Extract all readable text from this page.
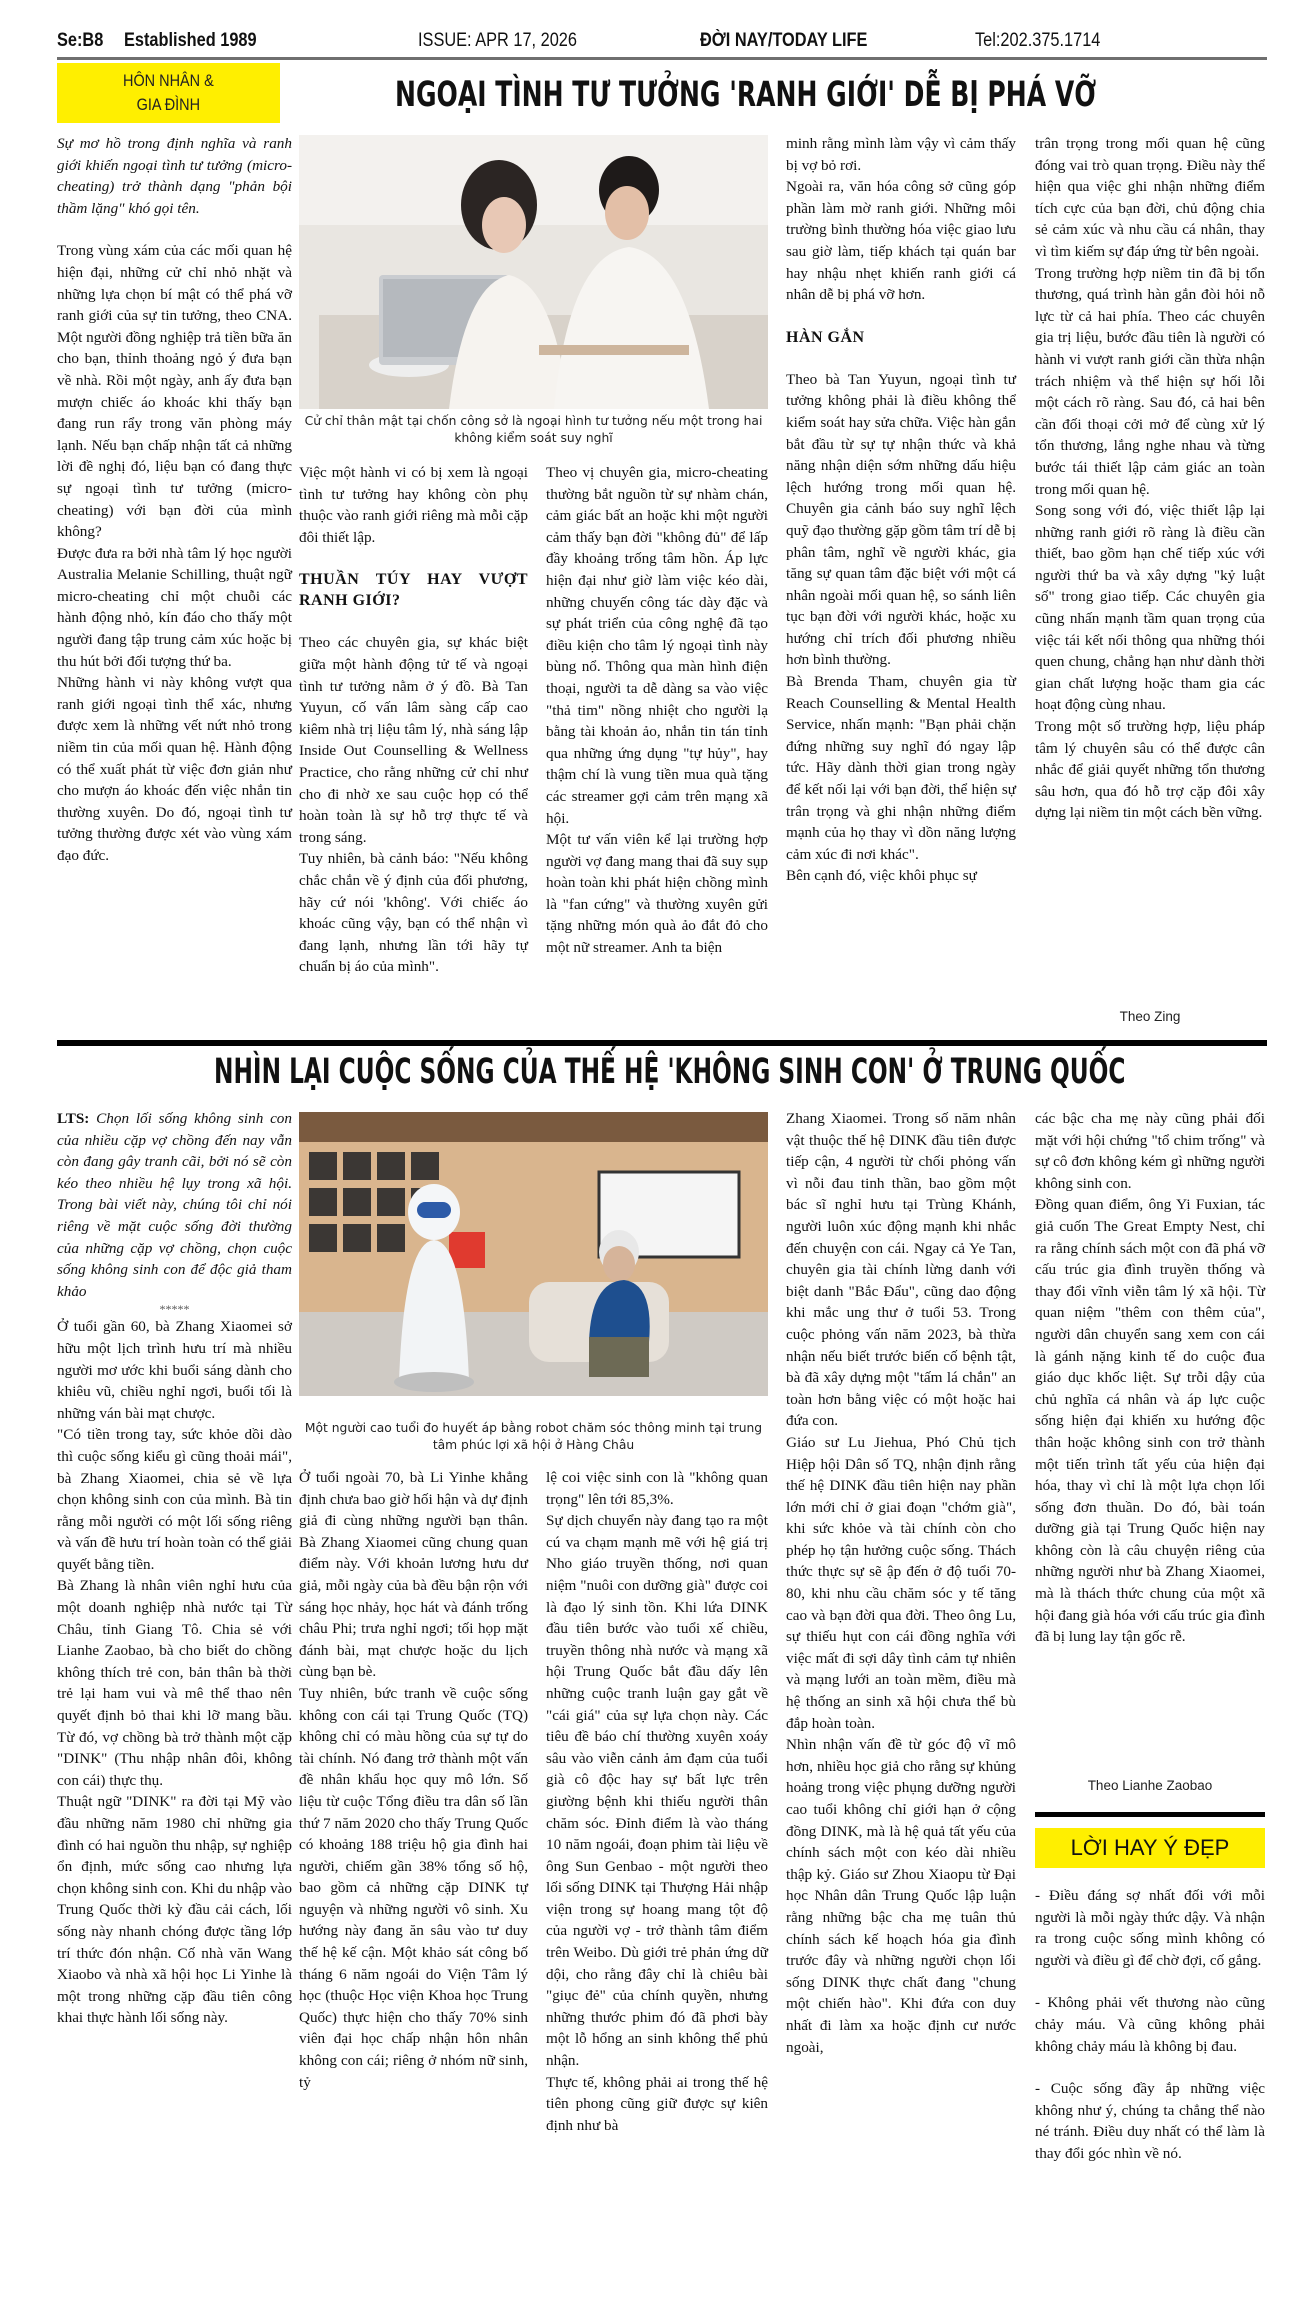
Se:B8 Established 1989	ISSUE: APR 17, 2026	ĐỜI NAY/TODAY LIFE	Tel:202.375.1714
HÔN NHÂN &
GIA ĐÌNH	NGOẠI TÌNH TƯ TƯỞNG 'RANH GIỚI' DỄ BỊ PHÁ VỠ

Sự mơ hồ trong định nghĩa và ranh giới khiến ngoại tình tư tưởng (micro-cheating) trở thành dạng "phản bội thầm lặng" khó gọi tên.

Trong vùng xám của các mối quan hệ hiện đại, những cử chỉ nhỏ nhặt và những lựa chọn bí mật có thể phá vỡ ranh giới của sự tin tưởng, theo CNA. Một người đồng nghiệp trả tiền bữa ăn cho bạn, thỉnh thoảng ngỏ ý đưa bạn về nhà. Rồi một ngày, anh ấy đưa bạn mượn chiếc áo khoác khi thấy bạn đang run rẩy trong văn phòng máy lạnh. Nếu bạn chấp nhận tất cả những lời đề nghị đó, liệu bạn có đang thực sự ngoại tình tư tưởng (micro-cheating) với bạn đời của mình không?

Được đưa ra bởi nhà tâm lý học người Australia Melanie Schilling, thuật ngữ micro-cheating chỉ một chuỗi các hành động nhỏ, kín đáo cho thấy một người đang tập trung cảm xúc hoặc bị thu hút bởi đối tượng thứ ba.

Những hành vi này không vượt qua ranh giới ngoại tình thể xác, nhưng được xem là những vết nứt nhỏ trong niềm tin của mối quan hệ. Hành động có thể xuất phát từ việc đơn giản như cho mượn áo khoác đến việc nhắn tin thường xuyên. Do đó, ngoại tình tư tưởng thường được xét vào vùng xám đạo đức.

Cử chỉ thân mật tại chốn công sở là ngoại hình tư tưởng nếu một trong hai không kiểm soát suy nghĩ

Việc một hành vi có bị xem là ngoại tình tư tưởng hay không còn phụ thuộc vào ranh giới riêng mà mỗi cặp đôi thiết lập.

THUẦN TÚY HAY VƯỢT RANH GIỚI?

Theo các chuyên gia, sự khác biệt giữa một hành động tử tế và ngoại tình tư tưởng nằm ở ý đồ. Bà Tan Yuyun, cố vấn lâm sàng cấp cao kiêm nhà trị liệu tâm lý, nhà sáng lập Inside Out Counselling & Wellness Practice, cho rằng những cử chỉ như cho đi nhờ xe sau cuộc họp có thể hoàn toàn là sự hỗ trợ thực tế và trong sáng.

Tuy nhiên, bà cảnh báo: "Nếu không chắc chắn về ý định của đối phương, hãy cứ nói 'không'. Với chiếc áo khoác cũng vậy, bạn có thể nhận vì đang lạnh, nhưng lần tới hãy tự chuẩn bị áo của mình".

Theo vị chuyên gia, micro-cheating thường bắt nguồn từ sự nhàm chán, cảm giác bất an hoặc khi một người cảm thấy bạn đời "không đủ" để lấp đầy khoảng trống tâm hồn. Áp lực hiện đại như giờ làm việc kéo dài, những chuyến công tác dày đặc và sự phát triển của công nghệ đã tạo điều kiện cho tâm lý ngoại tình này bùng nổ. Thông qua màn hình điện thoại, người ta dễ dàng sa vào việc "thả tim" nồng nhiệt cho người lạ bằng tài khoản ảo, nhắn tin tán tỉnh qua những ứng dụng "tự hủy", hay thậm chí là vung tiền mua quà tặng các streamer gợi cảm trên mạng xã hội.

Một tư vấn viên kể lại trường hợp người vợ đang mang thai đã suy sụp hoàn toàn khi phát hiện chồng mình là "fan cứng" và thường xuyên gửi tặng những món quà ảo đắt đỏ cho một nữ streamer. Anh ta biện

minh rằng mình làm vậy vì cảm thấy bị vợ bỏ rơi.

Ngoài ra, văn hóa công sở cũng góp phần làm mờ ranh giới. Những môi trường bình thường hóa việc giao lưu sau giờ làm, tiếp khách tại quán bar hay nhậu nhẹt khiến ranh giới cá nhân dễ bị phá vỡ hơn.

HÀN GẮN

Theo bà Tan Yuyun, ngoại tình tư tưởng không phải là điều không thể kiểm soát hay sửa chữa. Việc hàn gắn bắt đầu từ sự tự nhận thức và khả năng nhận diện sớm những dấu hiệu lệch hướng trong mối quan hệ. Chuyên gia cảnh báo suy nghĩ lệch quỹ đạo thường gặp gồm tâm trí dễ bị phân tâm, nghĩ về người khác, gia tăng sự quan tâm đặc biệt với một cá nhân ngoài mối quan hệ, so sánh liên tục bạn đời với người khác, hoặc xu hướng chỉ trích đối phương nhiều hơn bình thường.

Bà Brenda Tham, chuyên gia từ Reach Counselling & Mental Health Service, nhấn mạnh: "Bạn phải chặn đứng những suy nghĩ đó ngay lập tức. Hãy dành thời gian trong ngày để kết nối lại với bạn đời, thể hiện sự trân trọng và ghi nhận những điểm mạnh của họ thay vì dồn năng lượng cảm xúc đi nơi khác".

Bên cạnh đó, việc khôi phục sự

trân trọng trong mối quan hệ cũng đóng vai trò quan trọng. Điều này thể hiện qua việc ghi nhận những điểm tích cực của bạn đời, chủ động chia sẻ cảm xúc và nhu cầu cá nhân, thay vì tìm kiếm sự đáp ứng từ bên ngoài.

Trong trường hợp niềm tin đã bị tổn thương, quá trình hàn gắn đòi hỏi nỗ lực từ cả hai phía. Theo các chuyên gia trị liệu, bước đầu tiên là người có hành vi vượt ranh giới cần thừa nhận trách nhiệm và thể hiện sự hối lỗi một cách rõ ràng. Sau đó, cả hai bên cần đối thoại cởi mở để cùng xử lý tổn thương, lắng nghe nhau và từng bước tái thiết lập cảm giác an toàn trong mối quan hệ.

Song song với đó, việc thiết lập lại những ranh giới rõ ràng là điều cần thiết, bao gồm hạn chế tiếp xúc với người thứ ba và xây dựng "kỷ luật số" trong giao tiếp. Các chuyên gia cũng nhấn mạnh tầm quan trọng của việc tái kết nối thông qua những thói quen chung, chẳng hạn như dành thời gian chất lượng hoặc tham gia các hoạt động cùng nhau.

Trong một số trường hợp, liệu pháp tâm lý chuyên sâu có thể được cân nhắc để giải quyết những tổn thương sâu hơn, qua đó hỗ trợ cặp đôi xây dựng lại niềm tin một cách bền vững.

Theo Zing
NHÌN LẠI CUỘC SỐNG CỦA THẾ HỆ 'KHÔNG SINH CON' Ở TRUNG QUỐC

LTS: Chọn lối sống không sinh con của nhiều cặp vợ chồng đến nay vẫn còn đang gây tranh cãi, bởi nó sẽ còn kéo theo nhiều hệ lụy trong xã hội. Trong bài viết này, chúng tôi chỉ nói riêng về mặt cuộc sống đời thường của những cặp vợ chồng, chọn cuộc sống không sinh con để độc giả tham khảo

*****

Ở tuổi gần 60, bà Zhang Xiaomei sở hữu một lịch trình hưu trí mà nhiều người mơ ước khi buổi sáng dành cho khiêu vũ, chiều nghỉ ngơi, buổi tối là những ván bài mạt chược.

"Có tiền trong tay, sức khỏe dồi dào thì cuộc sống kiểu gì cũng thoải mái", bà Zhang Xiaomei, chia sẻ về lựa chọn không sinh con của mình. Bà tin rằng mỗi người có một lối sống riêng và vấn đề hưu trí hoàn toàn có thể giải quyết bằng tiền.

Bà Zhang là nhân viên nghỉ hưu của một doanh nghiệp nhà nước tại Từ Châu, tỉnh Giang Tô. Chia sẻ với Lianhe Zaobao, bà cho biết do chồng không thích trẻ con, bản thân bà thời trẻ lại ham vui và mê thể thao nên quyết định bỏ thai khi lỡ mang bầu. Từ đó, vợ chồng bà trở thành một cặp "DINK" (Thu nhập nhân đôi, không con cái) thực thụ.

Thuật ngữ "DINK" ra đời tại Mỹ vào đầu những năm 1980 chỉ những gia đình có hai nguồn thu nhập, sự nghiệp ổn định, mức sống cao nhưng lựa chọn không sinh con. Khi du nhập vào Trung Quốc thời kỳ đầu cải cách, lối sống này nhanh chóng được tầng lớp trí thức đón nhận. Cố nhà văn Wang Xiaobo và nhà xã hội học Li Yinhe là một trong những cặp đầu tiên công khai thực hành lối sống này.

Một người cao tuổi đo huyết áp bằng robot chăm sóc thông minh tại trung tâm phúc lợi xã hội ở Hàng Châu

Ở tuổi ngoài 70, bà Li Yinhe khẳng định chưa bao giờ hối hận và dự định giả đi cùng những người bạn thân. Bà Zhang Xiaomei cũng chung quan điểm này. Với khoản lương hưu dư giả, mỗi ngày của bà đều bận rộn với sáng học nhảy, học hát và đánh trống châu Phi; trưa nghỉ ngơi; tối họp mặt đánh bài, mạt chược hoặc du lịch cùng bạn bè.

Tuy nhiên, bức tranh về cuộc sống không con cái tại Trung Quốc (TQ) không chỉ có màu hồng của sự tự do tài chính. Nó đang trở thành một vấn đề nhân khẩu học quy mô lớn. Số liệu từ cuộc Tổng điều tra dân số lần thứ 7 năm 2020 cho thấy Trung Quốc có khoảng 188 triệu hộ gia đình hai người, chiếm gần 38% tổng số hộ, bao gồm cả những cặp DINK tự nguyện và những người vô sinh. Xu hướng này đang ăn sâu vào tư duy thế hệ kế cận. Một khảo sát công bố tháng 6 năm ngoái do Viện Tâm lý học (thuộc Học viện Khoa học Trung Quốc) thực hiện cho thấy 70% sinh viên đại học chấp nhận hôn nhân không con cái; riêng ở nhóm nữ sinh, tỷ

lệ coi việc sinh con là "không quan trọng" lên tới 85,3%.

Sự dịch chuyển này đang tạo ra một cú va chạm mạnh mẽ với hệ giá trị Nho giáo truyền thống, nơi quan niệm "nuôi con dưỡng già" được coi là đạo lý sinh tồn. Khi lứa DINK đầu tiên bước vào tuổi xế chiều, truyền thông nhà nước và mạng xã hội Trung Quốc bắt đầu dấy lên những cuộc tranh luận gay gắt về "cái giá" của sự lựa chọn này. Các tiêu đề báo chí thường xuyên xoáy sâu vào viễn cảnh ảm đạm của tuổi già cô độc hay sự bất lực trên giường bệnh khi thiếu người thân chăm sóc. Đỉnh điểm là vào tháng 10 năm ngoái, đoạn phim tài liệu về ông Sun Genbao - một người theo lối sống DINK tại Thượng Hải nhập viện trong sự hoang mang tột độ của người vợ - trở thành tâm điểm trên Weibo. Dù giới trẻ phản ứng dữ dội, cho rằng đây chỉ là chiêu bài "giục đẻ" của chính quyền, nhưng những thước phim đó đã phơi bày một lỗ hổng an sinh không thể phủ nhận.

Thực tế, không phải ai trong thế hệ tiên phong cũng giữ được sự kiên định như bà

Zhang Xiaomei. Trong số năm nhân vật thuộc thế hệ DINK đầu tiên được tiếp cận, 4 người từ chối phỏng vấn vì nỗi đau tinh thần, bao gồm một bác sĩ nghỉ hưu tại Trùng Khánh, người luôn xúc động mạnh khi nhắc đến chuyện con cái. Ngay cả Ye Tan, chuyên gia tài chính lừng danh với biệt danh "Bắc Đẩu", cũng dao động khi mắc ung thư ở tuổi 53. Trong cuộc phỏng vấn năm 2023, bà thừa nhận nếu biết trước biến cố bệnh tật, bà đã xây dựng một "tấm lá chắn" an toàn hơn bằng việc có một hoặc hai đứa con.

Giáo sư Lu Jiehua, Phó Chủ tịch Hiệp hội Dân số TQ, nhận định rằng thế hệ DINK đầu tiên hiện nay phần lớn mới chỉ ở giai đoạn "chớm già", khi sức khỏe và tài chính còn cho phép họ tận hưởng cuộc sống. Thách thức thực sự sẽ ập đến ở độ tuổi 70-80, khi nhu cầu chăm sóc y tế tăng cao và bạn đời qua đời. Theo ông Lu, sự thiếu hụt con cái đồng nghĩa với việc mất đi sợi dây tình cảm tự nhiên và mạng lưới an toàn mềm, điều mà hệ thống an sinh xã hội chưa thể bù đắp hoàn toàn.

Nhìn nhận vấn đề từ góc độ vĩ mô hơn, nhiều học giả cho rằng sự khủng hoảng trong việc phụng dưỡng người cao tuổi không chỉ giới hạn ở cộng đồng DINK, mà là hệ quả tất yếu của chính sách một con kéo dài nhiều thập kỷ. Giáo sư Zhou Xiaopu từ Đại học Nhân dân Trung Quốc lập luận rằng những bậc cha mẹ tuân thủ chính sách kế hoạch hóa gia đình trước đây và những người chọn lối sống DINK thực chất đang "chung một chiến hào". Khi đứa con duy nhất đi làm xa hoặc định cư nước ngoài,

các bậc cha mẹ này cũng phải đối mặt với hội chứng "tổ chim trống" và sự cô đơn không kém gì những người không sinh con.

Đồng quan điểm, ông Yi Fuxian, tác giả cuốn The Great Empty Nest, chỉ ra rằng chính sách một con đã phá vỡ cấu trúc gia đình truyền thống và thay đổi vĩnh viễn tâm lý xã hội. Từ quan niệm "thêm con thêm của", người dân chuyển sang xem con cái là gánh nặng kinh tế do cuộc đua giáo dục khốc liệt. Sự trỗi dậy của chủ nghĩa cá nhân và áp lực cuộc sống hiện đại khiến xu hướng độc thân hoặc không sinh con trở thành một tiến trình tất yếu của hiện đại hóa, thay vì chỉ là một lựa chọn lối sống đơn thuần. Do đó, bài toán dưỡng già tại Trung Quốc hiện nay không còn là câu chuyện riêng của những người như bà Zhang Xiaomei, mà là thách thức chung của một xã hội đang già hóa với cấu trúc gia đình đã bị lung lay tận gốc rễ.

Theo Lianhe Zaobao
LỜI HAY Ý ĐẸP

- Điều đáng sợ nhất đối với mỗi người là mỗi ngày thức dậy. Và nhận ra trong cuộc sống mình không có người và điều gì để chờ đợi, cố gắng.

- Không phải vết thương nào cũng chảy máu. Và cũng không phải không chảy máu là không bị đau.

- Cuộc sống đầy ắp những việc không như ý, chúng ta chẳng thể nào né tránh. Điều duy nhất có thể làm là thay đổi góc nhìn về nó.
